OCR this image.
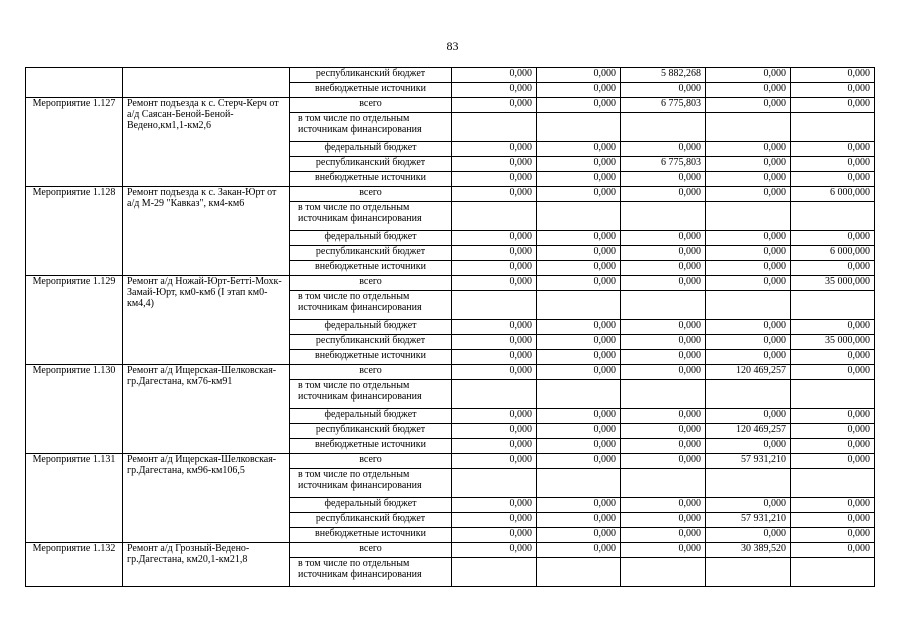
83
		республиканский бюджет	0,000	0,000	5 882,268	0,000	0,000
		внебюджетные источники	0,000	0,000	0,000	0,000	0,000
Мероприятие 1.127	Ремонт подъезда к с. Стерч-Керч от а/д Саясан-Беной-Беной-Ведено,км1,1-км2,6	всего	0,000	0,000	6 775,803	0,000	0,000
		в том числе по отдельным источникам финансирования					
		федеральный бюджет	0,000	0,000	0,000	0,000	0,000
		республиканский бюджет	0,000	0,000	6 775,803	0,000	0,000
		внебюджетные источники	0,000	0,000	0,000	0,000	0,000
Мероприятие 1.128	Ремонт подъезда к с. Закан-Юрт от а/д М-29 "Кавказ", км4-км6	всего	0,000	0,000	0,000	0,000	6 000,000
		в том числе по отдельным источникам финансирования					
		федеральный бюджет	0,000	0,000	0,000	0,000	0,000
		республиканский бюджет	0,000	0,000	0,000	0,000	6 000,000
		внебюджетные источники	0,000	0,000	0,000	0,000	0,000
Мероприятие 1.129	Ремонт а/д Ножай-Юрт-Беттi-Мохк-Замай-Юрт, км0-км6 (I этап км0-км4,4)	всего	0,000	0,000	0,000	0,000	35 000,000
		в том числе по отдельным источникам финансирования					
		федеральный бюджет	0,000	0,000	0,000	0,000	0,000
		республиканский бюджет	0,000	0,000	0,000	0,000	35 000,000
		внебюджетные источники	0,000	0,000	0,000	0,000	0,000
Мероприятие 1.130	Ремонт а/д Ищерская-Шелковская-гр.Дагестана, км76-км91	всего	0,000	0,000	0,000	120 469,257	0,000
		в том числе по отдельным источникам финансирования					
		федеральный бюджет	0,000	0,000	0,000	0,000	0,000
		республиканский бюджет	0,000	0,000	0,000	120 469,257	0,000
		внебюджетные источники	0,000	0,000	0,000	0,000	0,000
Мероприятие 1.131	Ремонт а/д Ищерская-Шелковская-гр.Дагестана, км96-км106,5	всего	0,000	0,000	0,000	57 931,210	0,000
		в том числе по отдельным источникам финансирования					
		федеральный бюджет	0,000	0,000	0,000	0,000	0,000
		республиканский бюджет	0,000	0,000	0,000	57 931,210	0,000
		внебюджетные источники	0,000	0,000	0,000	0,000	0,000
Мероприятие 1.132	Ремонт а/д Грозный-Ведено-гр.Дагестана, км20,1-км21,8	всего	0,000	0,000	0,000	30 389,520	0,000
		в том числе по отдельным источникам финансирования					
